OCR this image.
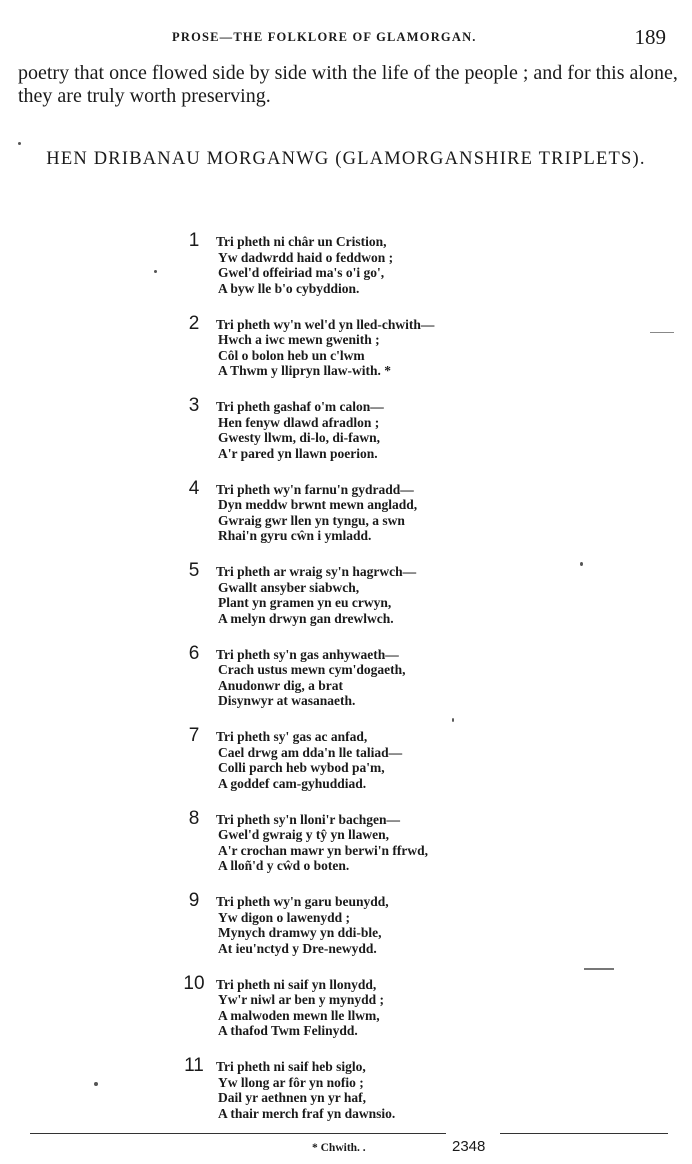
PROSE—THE FOLKLORE OF GLAMORGAN.	189

poetry that once flowed side by side with the life of the people ; and for this alone, they are truly worth preserving.

HEN DRIBANAU MORGANWG (GLAMORGANSHIRE TRIPLETS).
1	Tri pheth ni châr un Cristion,
Yw dadwrdd haid o feddwon ;
Gwel'd offeiriad ma's o'i go',
A byw lle b'o cybyddion.
2	Tri pheth wy'n wel'd yn lled-chwith—
Hwch a iwc mewn gwenith ;
Côl o bolon heb un c'lwm
A Thwm y llipryn llaw-with. *
3	Tri pheth gashaf o'm calon—
Hen fenyw dlawd afradlon ;
Gwesty llwm, di-lo, di-fawn,
A'r pared yn llawn poerion.
4	Tri pheth wy'n farnu'n gydradd—
Dyn meddw brwnt mewn angladd,
Gwraig gwr llen yn tyngu, a swn
Rhai'n gyru cŵn i ymladd.
5	Tri pheth ar wraig sy'n hagrwch—
Gwallt ansyber siabwch,
Plant yn gramen yn eu crwyn,
A melyn drwyn gan drewlwch.
6	Tri pheth sy'n gas anhywaeth—
Crach ustus mewn cym'dogaeth,
Anudonwr dig, a brat
Disynwyr at wasanaeth.
7	Tri pheth sy' gas ac anfad,
Cael drwg am dda'n lle taliad—
Colli parch heb wybod pa'm,
A goddef cam-gyhuddiad.
8	Tri pheth sy'n lloni'r bachgen—
Gwel'd gwraig y tŷ yn llawen,
A'r crochan mawr yn berwi'n ffrwd,
A lloñ'd y cŵd o boten.
9	Tri pheth wy'n garu beunydd,
Yw digon o lawenydd ;
Mynych dramwy yn ddi-ble,
At ieu'nctyd y Dre-newydd.
10 Tri pheth ni saif yn llonydd,
Yw'r niwl ar ben y mynydd ;
A malwoden mewn lle llwm,
A thafod Twm Felinydd.
11 Tri pheth ni saif heb siglo,
Yw llong ar fôr yn nofio ;
Dail yr aethnen yn yr haf,
A thair merch fraf yn dawnsio.
* Chwith. .	2348
